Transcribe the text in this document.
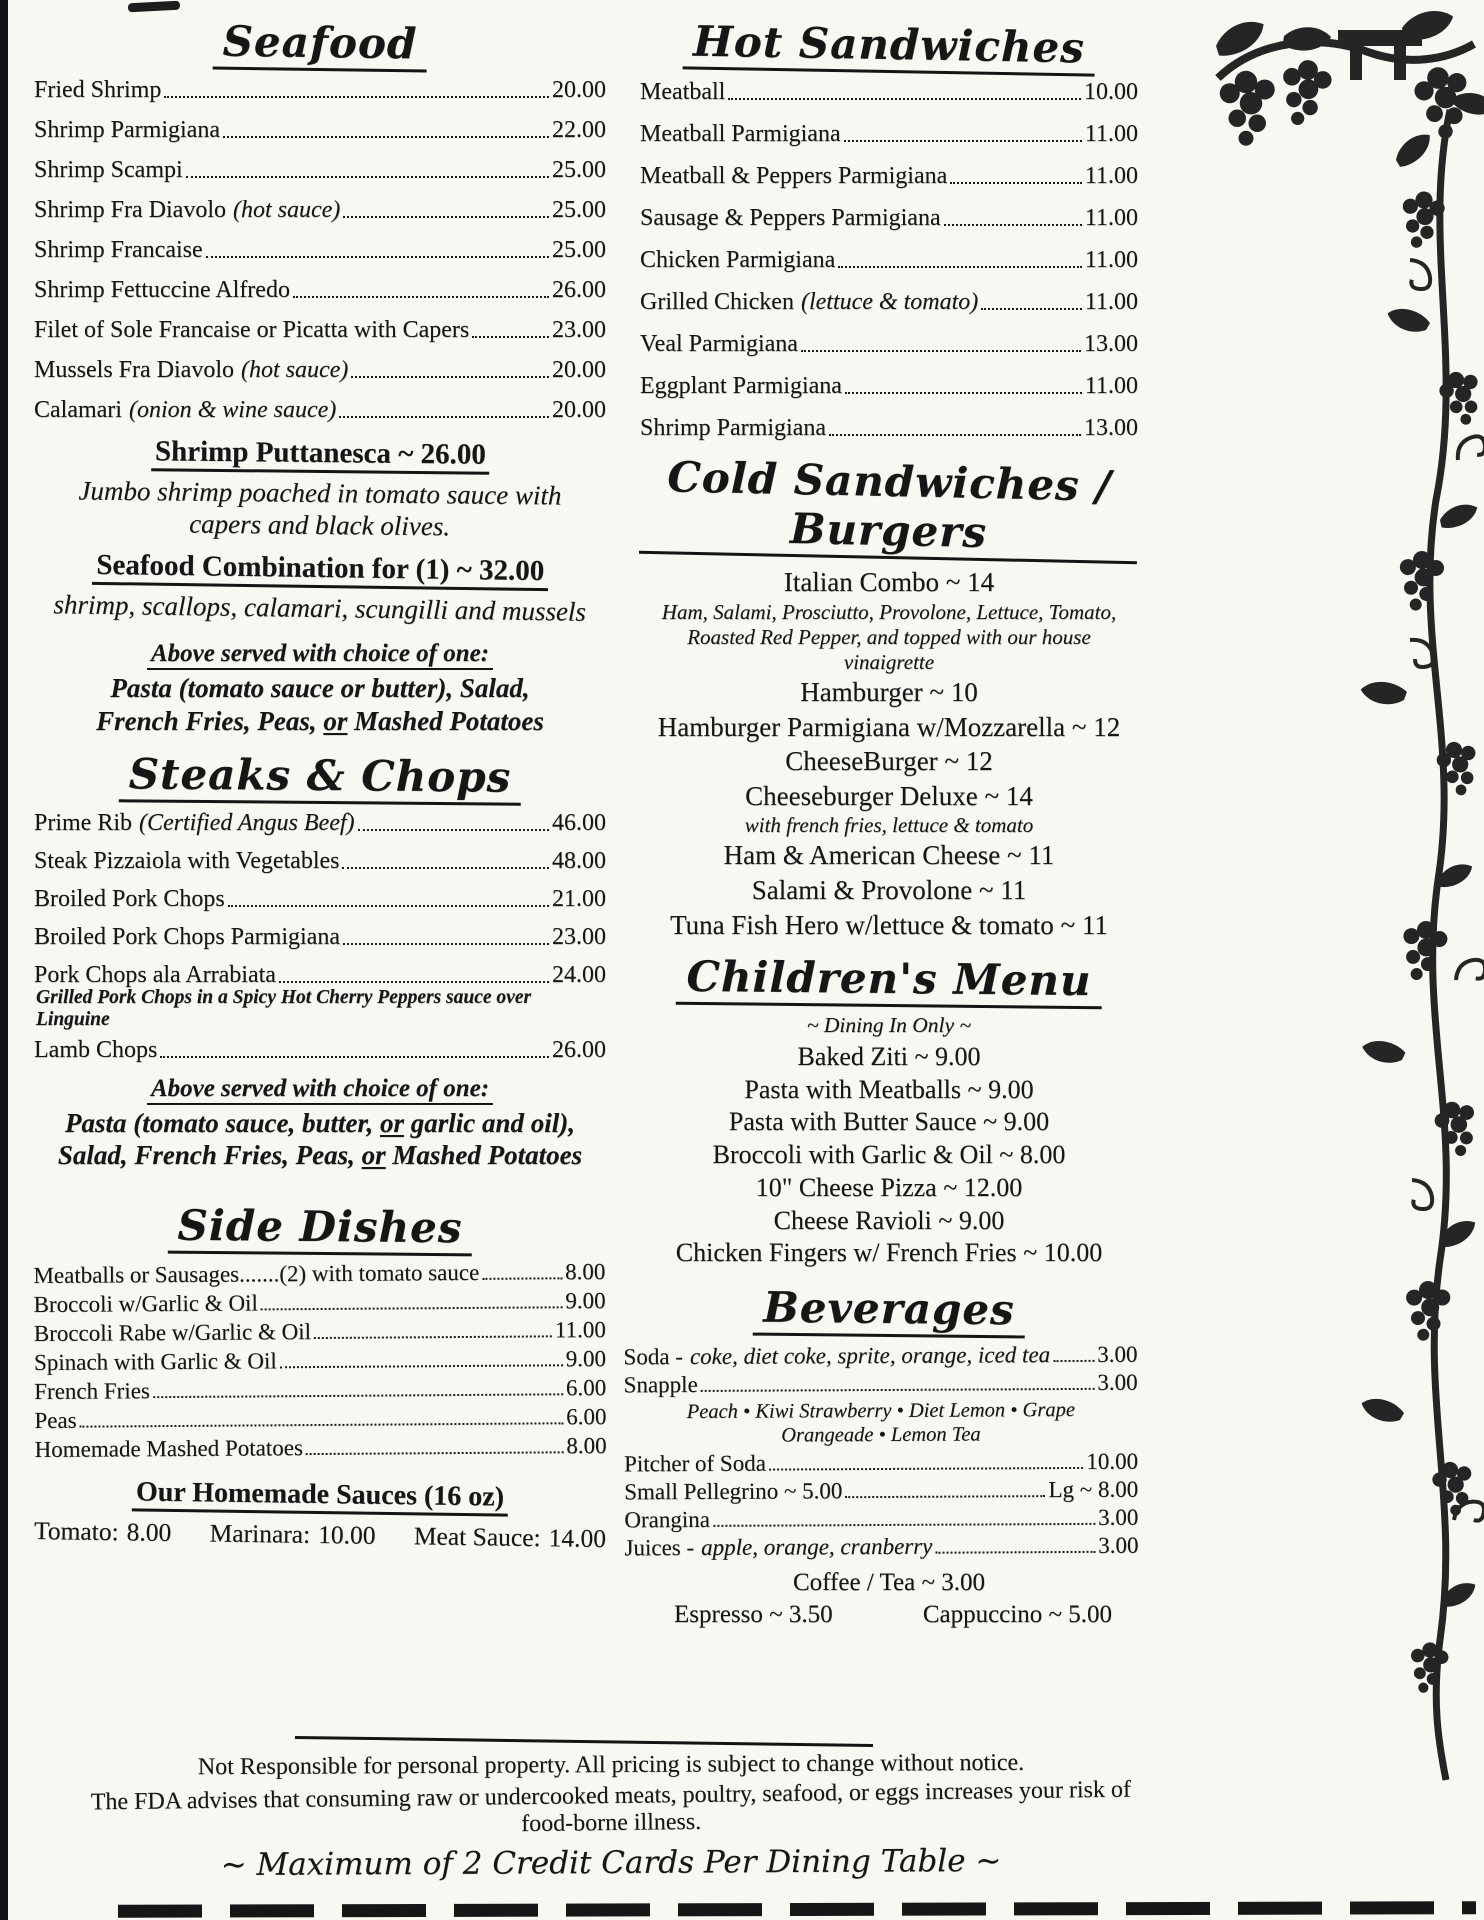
Seafood
Fried Shrimp	20.00
Shrimp Parmigiana	22.00
Shrimp Scampi	25.00
Shrimp Fra Diavolo (hot sauce)	25.00
Shrimp Francaise	25.00
Shrimp Fettuccine Alfredo	26.00
Filet of Sole Francaise or Picatta with Capers	23.00
Mussels Fra Diavolo (hot sauce)	20.00
Calamari (onion & wine sauce)	20.00
Shrimp Puttanesca ~ 26.00
Jumbo shrimp poached in tomato sauce with
capers and black olives.
Seafood Combination for (1) ~ 32.00
shrimp, scallops, calamari, scungilli and mussels
Above served with choice of one:
Pasta (tomato sauce or butter), Salad,
French Fries, Peas, or Mashed Potatoes
Steaks & Chops
Prime Rib (Certified Angus Beef)	46.00
Steak Pizzaiola with Vegetables	48.00
Broiled Pork Chops	21.00
Broiled Pork Chops Parmigiana	23.00
Pork Chops ala Arrabiata	24.00
Grilled Pork Chops in a Spicy Hot Cherry Peppers sauce over Linguine
Lamb Chops	26.00
Above served with choice of one:
Pasta (tomato sauce, butter, or garlic and oil),
Salad, French Fries, Peas, or Mashed Potatoes
Side Dishes
Meatballs or Sausages.......(2) with tomato sauce	8.00
Broccoli w/Garlic & Oil	9.00
Broccoli Rabe w/Garlic & Oil	11.00
Spinach with Garlic & Oil	9.00
French Fries	6.00
Peas	6.00
Homemade Mashed Potatoes	8.00
Our Homemade Sauces (16 oz)
Tomato: 8.00 Marinara: 10.00 Meat Sauce: 14.00
Hot Sandwiches
Meatball	10.00
Meatball Parmigiana	11.00
Meatball & Peppers Parmigiana	11.00
Sausage & Peppers Parmigiana	11.00
Chicken Parmigiana	11.00
Grilled Chicken (lettuce & tomato)	11.00
Veal Parmigiana	13.00
Eggplant Parmigiana	11.00
Shrimp Parmigiana	13.00
Cold Sandwiches / Burgers
Italian Combo ~ 14
Ham, Salami, Prosciutto, Provolone, Lettuce, Tomato,
Roasted Red Pepper, and topped with our house vinaigrette
Hamburger ~ 10
Hamburger Parmigiana w/Mozzarella ~ 12
CheeseBurger ~ 12
Cheeseburger Deluxe ~ 14
with french fries, lettuce & tomato
Ham & American Cheese ~ 11
Salami & Provolone ~ 11
Tuna Fish Hero w/lettuce & tomato ~ 11
Children's Menu
~ Dining In Only ~
Baked Ziti ~ 9.00
Pasta with Meatballs ~ 9.00
Pasta with Butter Sauce ~ 9.00
Broccoli with Garlic & Oil ~ 8.00
10" Cheese Pizza ~ 12.00
Cheese Ravioli ~ 9.00
Chicken Fingers w/ French Fries ~ 10.00
Beverages
Soda - coke, diet coke, sprite, orange, iced tea 3.00
Snapple	3.00
Peach • Kiwi Strawberry • Diet Lemon • Grape
Orangeade • Lemon Tea
Pitcher of Soda	10.00
Small Pellegrino ~ 5.00	Lg ~ 8.00
Orangina	3.00
Juices - apple, orange, cranberry	3.00
Coffee / Tea ~ 3.00
Espresso ~ 3.50	Cappuccino ~ 5.00
Not Responsible for personal property. All pricing is subject to change without notice.
The FDA advises that consuming raw or undercooked meats, poultry, seafood, or eggs increases your risk of food-borne illness.
~ Maximum of 2 Credit Cards Per Dining Table ~
